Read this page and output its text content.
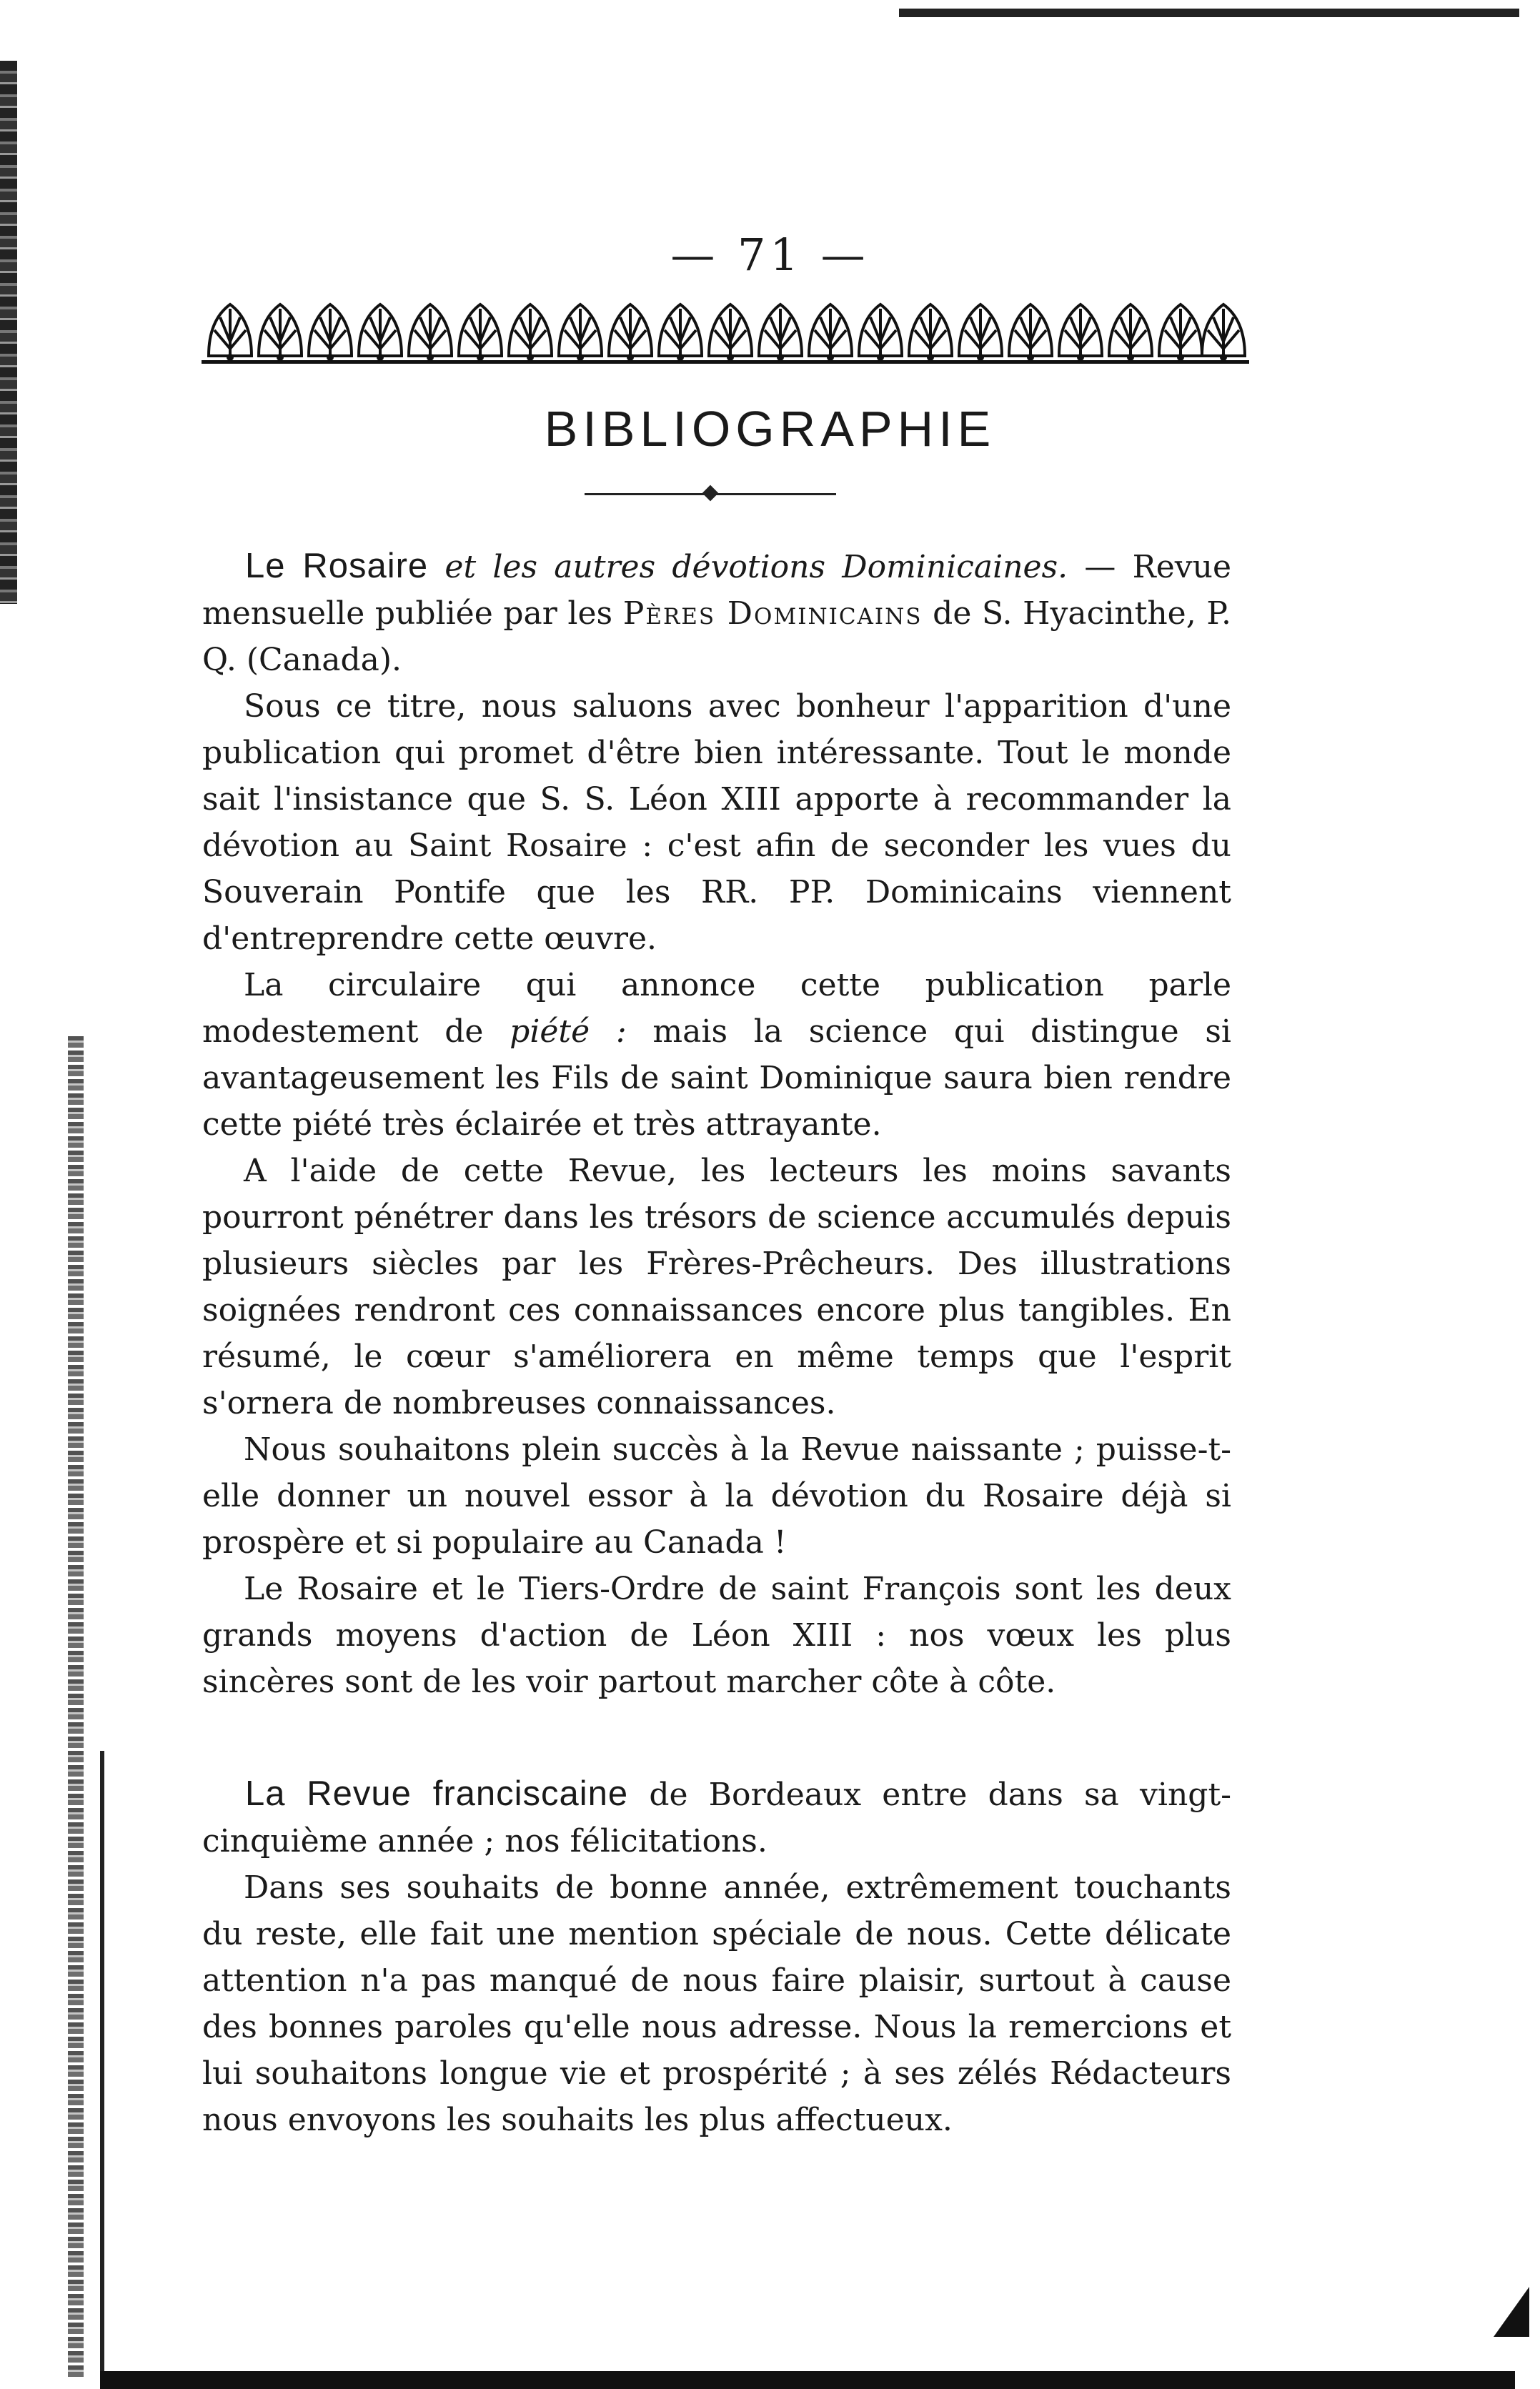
— 71 —
BIBLIOGRAPHIE

Le Rosaire et les autres dévotions Dominicaines. — Revue mensuelle publiée par les Pères Dominicains de S. Hyacinthe, P. Q. (Canada).

Sous ce titre, nous saluons avec bonheur l'apparition d'une publication qui promet d'être bien intéressante. Tout le monde sait l'insistance que S. S. Léon XIII apporte à recommander la dévotion au Saint Rosaire : c'est afin de seconder les vues du Souverain Pontife que les RR. PP. Dominicains viennent d'entreprendre cette œuvre.

La circulaire qui annonce cette publication parle modestement de piété : mais la science qui distingue si avantageusement les Fils de saint Dominique saura bien rendre cette piété très éclairée et très attrayante.

A l'aide de cette Revue, les lecteurs les moins savants pourront pénétrer dans les trésors de science accumulés depuis plusieurs siècles par les Frères-Prêcheurs. Des illustrations soignées rendront ces connaissances encore plus tangibles. En résumé, le cœur s'améliorera en même temps que l'esprit s'ornera de nombreuses connaissances.

Nous souhaitons plein succès à la Revue naissante ; puisse-t-elle donner un nouvel essor à la dévotion du Rosaire déjà si prospère et si populaire au Canada !

Le Rosaire et le Tiers-Ordre de saint François sont les deux grands moyens d'action de Léon XIII : nos vœux les plus sincères sont de les voir partout marcher côte à côte.

La Revue franciscaine de Bordeaux entre dans sa vingt-cinquième année ; nos félicitations.

Dans ses souhaits de bonne année, extrêmement touchants du reste, elle fait une mention spéciale de nous. Cette délicate attention n'a pas manqué de nous faire plaisir, surtout à cause des bonnes paroles qu'elle nous adresse. Nous la remercions et lui souhaitons longue vie et prospérité ; à ses zélés Rédacteurs nous envoyons les souhaits les plus affectueux.
